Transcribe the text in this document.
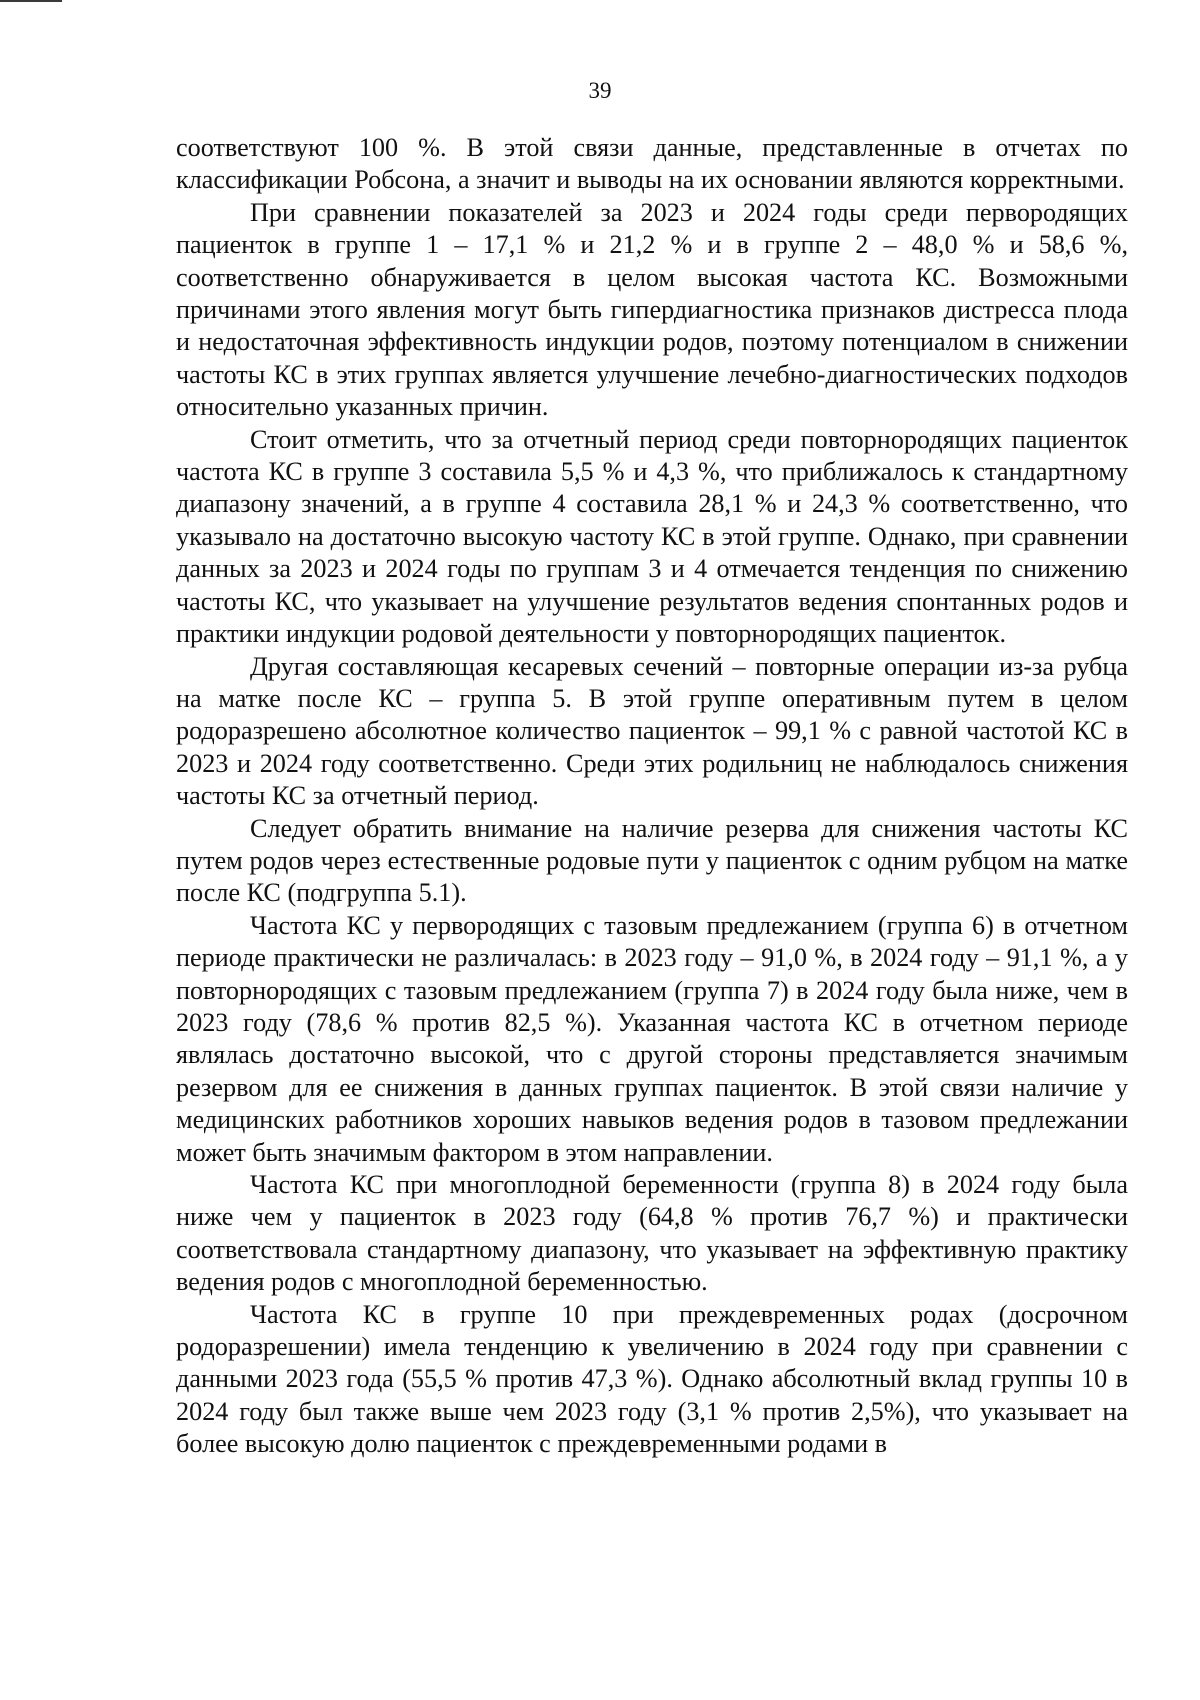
39

соответствуют 100 %. В этой связи данные, представленные в отчетах по классификации Робсона, а значит и выводы на их основании являются корректными.

При сравнении показателей за 2023 и 2024 годы среди первородящих пациенток в группе 1 – 17,1 % и 21,2 % и в группе 2 – 48,0 % и 58,6 %, соответственно обнаруживается в целом высокая частота КС. Возможными причинами этого явления могут быть гипердиагностика признаков дистресса плода и недостаточная эффективность индукции родов, поэтому потенциалом в снижении частоты КС в этих группах является улучшение лечебно-диагностических подходов относительно указанных причин.

Стоит отметить, что за отчетный период среди повторнородящих пациенток частота КС в группе 3 составила 5,5 % и 4,3 %, что приближалось к стандартному диапазону значений, а в группе 4 составила 28,1 % и 24,3 % соответственно, что указывало на достаточно высокую частоту КС в этой группе. Однако, при сравнении данных за 2023 и 2024 годы по группам 3 и 4 отмечается тенденция по снижению частоты КС, что указывает на улучшение результатов ведения спонтанных родов и практики индукции родовой деятельности у повторнородящих пациенток.

Другая составляющая кесаревых сечений – повторные операции из-за рубца на матке после КС – группа 5. В этой группе оперативным путем в целом родоразрешено абсолютное количество пациенток – 99,1 % с равной частотой КС в 2023 и 2024 году соответственно. Среди этих родильниц не наблюдалось снижения частоты КС за отчетный период.

Следует обратить внимание на наличие резерва для снижения частоты КС путем родов через естественные родовые пути у пациенток с одним рубцом на матке после КС (подгруппа 5.1).

Частота КС у первородящих с тазовым предлежанием (группа 6) в отчетном периоде практически не различалась: в 2023 году – 91,0 %, в 2024 году – 91,1 %, а у повторнородящих с тазовым предлежанием (группа 7) в 2024 году была ниже, чем в 2023 году (78,6 % против 82,5 %). Указанная частота КС в отчетном периоде являлась достаточно высокой, что с другой стороны представляется значимым резервом для ее снижения в данных группах пациенток. В этой связи наличие у медицинских работников хороших навыков ведения родов в тазовом предлежании может быть значимым фактором в этом направлении.

Частота КС при многоплодной беременности (группа 8) в 2024 году была ниже чем у пациенток в 2023 году (64,8 % против 76,7 %) и практически соответствовала стандартному диапазону, что указывает на эффективную практику ведения родов с многоплодной беременностью.

Частота КС в группе 10 при преждевременных родах (досрочном родоразрешении) имела тенденцию к увеличению в 2024 году при сравнении с данными 2023 года (55,5 % против 47,3 %). Однако абсолютный вклад группы 10 в 2024 году был также выше чем 2023 году (3,1 % против 2,5%), что указывает на более высокую долю пациенток с преждевременными родами в
